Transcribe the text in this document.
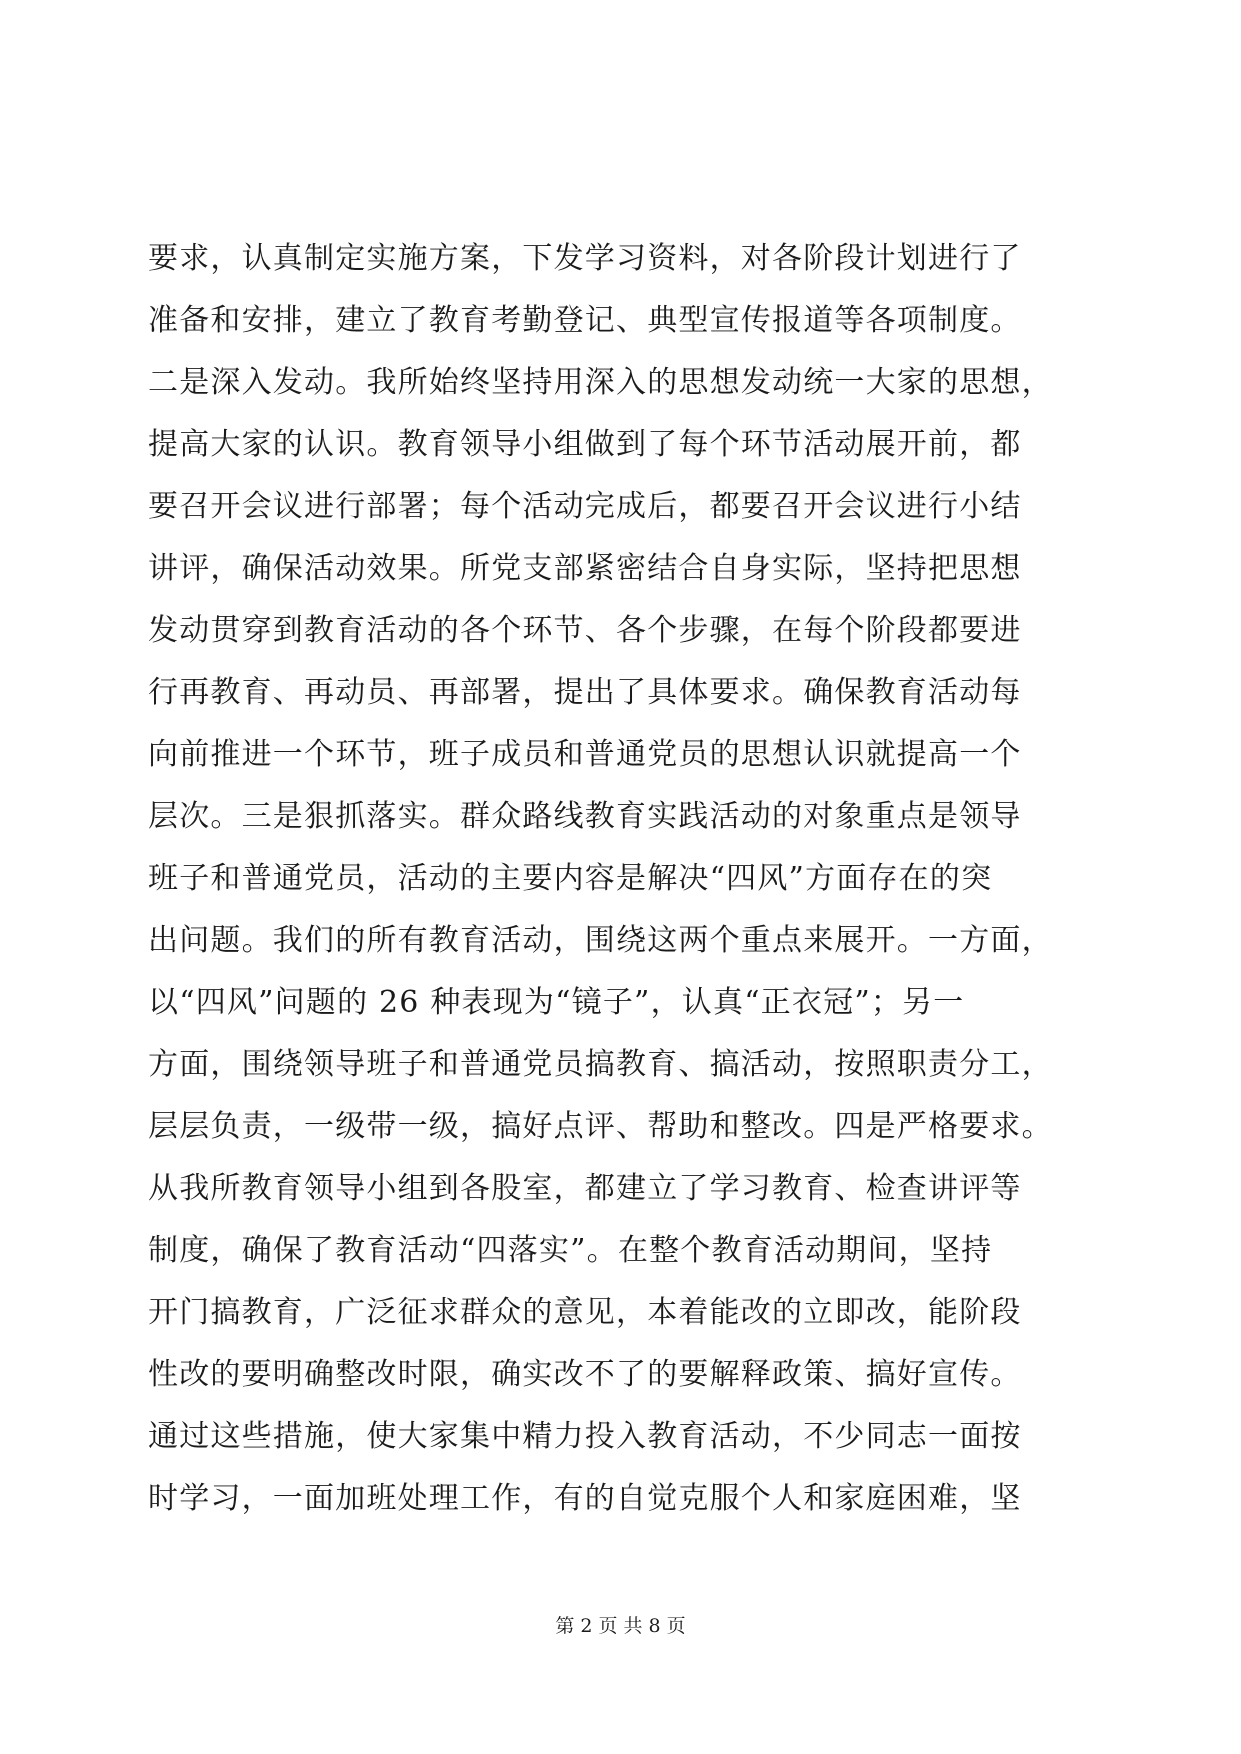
要求，认真制定实施方案，下发学习资料，对各阶段计划进行了
准备和安排，建立了教育考勤登记、典型宣传报道等各项制度。
二是深入发动。我所始终坚持用深入的思想发动统一大家的思想，
提高大家的认识。教育领导小组做到了每个环节活动展开前，都
要召开会议进行部署；每个活动完成后，都要召开会议进行小结
讲评，确保活动效果。所党支部紧密结合自身实际，坚持把思想
发动贯穿到教育活动的各个环节、各个步骤，在每个阶段都要进
行再教育、再动员、再部署，提出了具体要求。确保教育活动每
向前推进一个环节，班子成员和普通党员的思想认识就提高一个
层次。三是狠抓落实。群众路线教育实践活动的对象重点是领导
班子和普通党员，活动的主要内容是解决“四风”方面存在的突
出问题。我们的所有教育活动，围绕这两个重点来展开。一方面，
以“四风”问题的 26 种表现为“镜子”，认真“正衣冠”；另一
方面，围绕领导班子和普通党员搞教育、搞活动，按照职责分工，
层层负责，一级带一级，搞好点评、帮助和整改。四是严格要求。
从我所教育领导小组到各股室，都建立了学习教育、检查讲评等
制度，确保了教育活动“四落实”。在整个教育活动期间，坚持
开门搞教育，广泛征求群众的意见，本着能改的立即改，能阶段
性改的要明确整改时限，确实改不了的要解释政策、搞好宣传。
通过这些措施，使大家集中精力投入教育活动，不少同志一面按
时学习，一面加班处理工作，有的自觉克服个人和家庭困难，坚
第 2 页 共 8 页
